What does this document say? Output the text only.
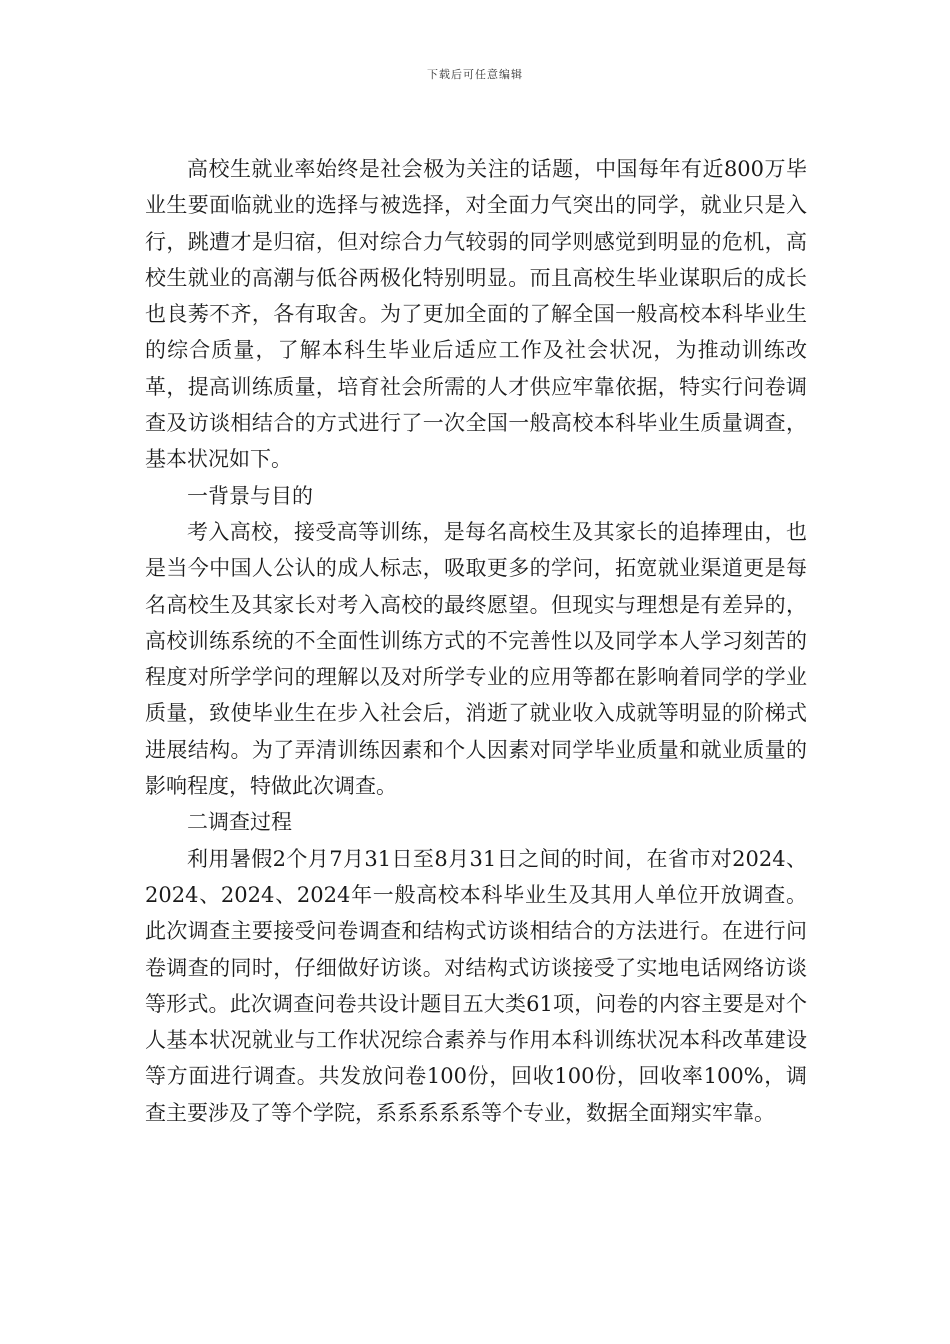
下载后可任意编辑

高校生就业率始终是社会极为关注的话题，中国每年有近800万毕业生要面临就业的选择与被选择，对全面力气突出的同学，就业只是入行，跳遭才是归宿，但对综合力气较弱的同学则感觉到明显的危机，高校生就业的高潮与低谷两极化特别明显。而且高校生毕业谋职后的成长也良莠不齐，各有取舍。为了更加全面的了解全国一般高校本科毕业生的综合质量，了解本科生毕业后适应工作及社会状况，为推动训练改革，提高训练质量，培育社会所需的人才供应牢靠依据，特实行问卷调查及访谈相结合的方式进行了一次全国一般高校本科毕业生质量调查，基本状况如下。

一背景与目的

考入高校，接受高等训练，是每名高校生及其家长的追捧理由，也是当今中国人公认的成人标志，吸取更多的学问，拓宽就业渠道更是每名高校生及其家长对考入高校的最终愿望。但现实与理想是有差异的，高校训练系统的不全面性训练方式的不完善性以及同学本人学习刻苦的程度对所学学问的理解以及对所学专业的应用等都在影响着同学的学业质量，致使毕业生在步入社会后，消逝了就业收入成就等明显的阶梯式进展结构。为了弄清训练因素和个人因素对同学毕业质量和就业质量的影响程度，特做此次调查。

二调查过程

利用暑假2个月7月31日至8月31日之间的时间，在省市对2024、2024、2024、2024年一般高校本科毕业生及其用人单位开放调查。此次调查主要接受问卷调查和结构式访谈相结合的方法进行。在进行问卷调查的同时，仔细做好访谈。对结构式访谈接受了实地电话网络访谈等形式。此次调查问卷共设计题目五大类61项，问卷的内容主要是对个人基本状况就业与工作状况综合素养与作用本科训练状况本科改革建设等方面进行调查。共发放问卷100份，回收100份，回收率100%，调查主要涉及了等个学院，系系系系系等个专业，数据全面翔实牢靠。
